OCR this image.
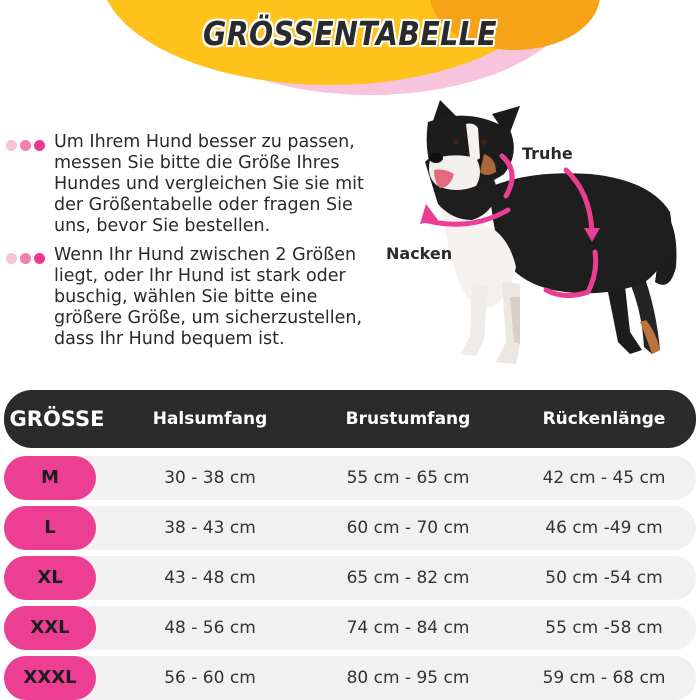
GRÖSSENTABELLE
Um Ihrem Hund besser zu passen, messen Sie bitte die Größe Ihres Hundes und vergleichen Sie sie mit der Größentabelle oder fragen Sie uns, bevor Sie bestellen.
Wenn Ihr Hund zwischen 2 Größen liegt, oder Ihr Hund ist stark oder buschig, wählen Sie bitte eine größere Größe, um sicherzustellen, dass Ihr Hund bequem ist.
Truhe
Nacken
GRÖSSE	Halsumfang	Brustumfang	Rückenlänge
M	30 - 38 cm	55 cm - 65 cm	42 cm - 45 cm
L	38 - 43 cm	60 cm - 70 cm	46 cm -49 cm
XL	43 - 48 cm	65 cm - 82 cm	50 cm -54 cm
XXL	48 - 56 cm	74 cm - 84 cm	55 cm -58 cm
XXXL	56 - 60 cm	80 cm - 95 cm	59 cm - 68 cm
